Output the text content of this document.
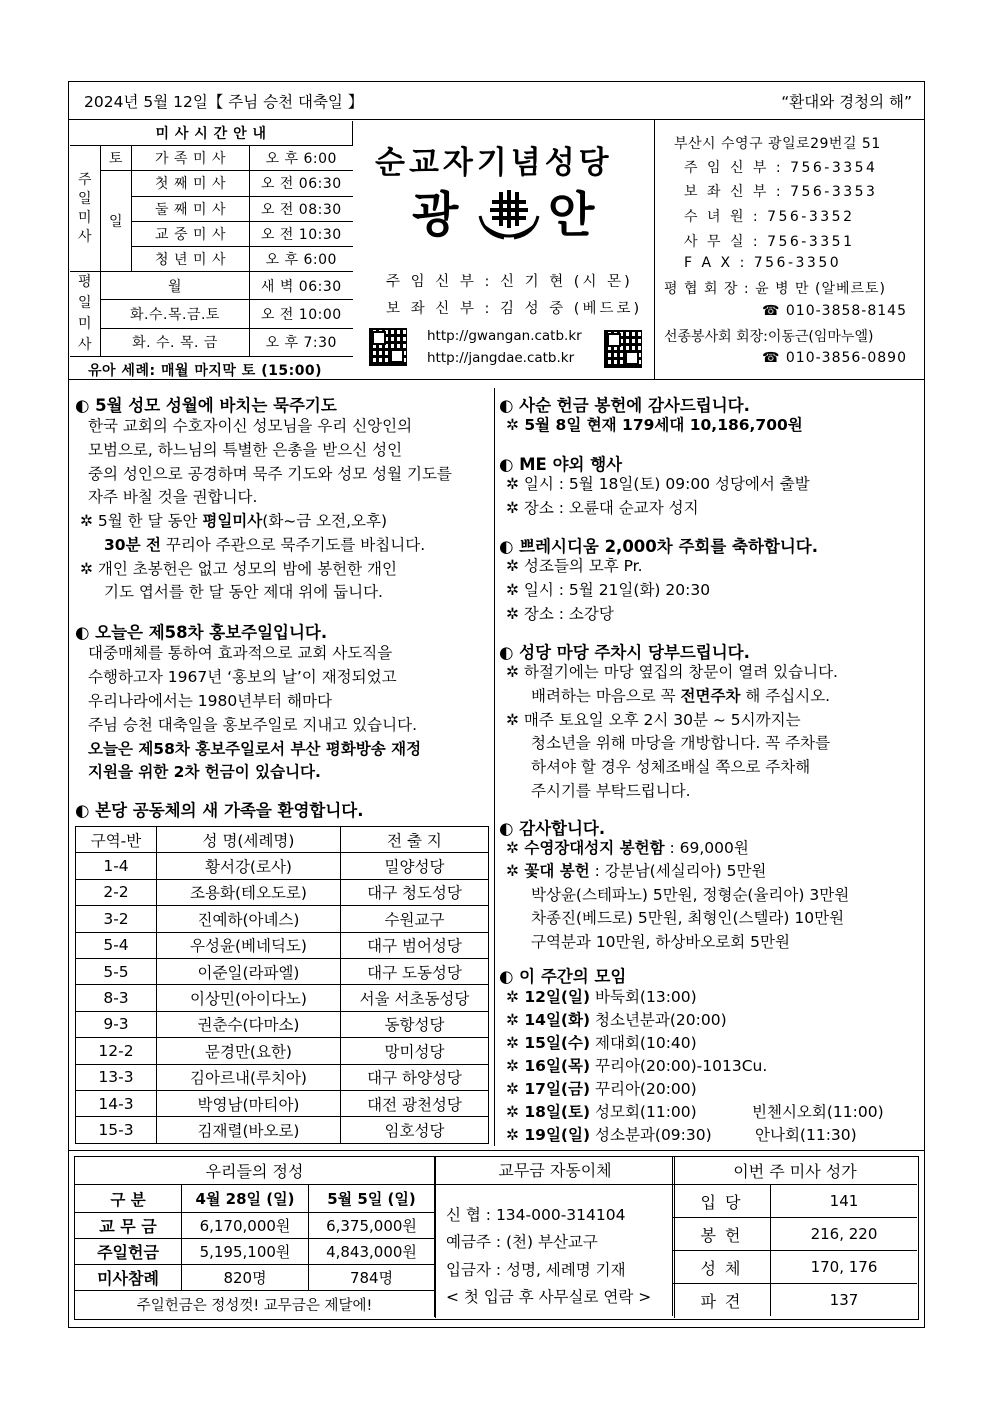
2024년 5월 12일【 주님 승천 대축일 】	“환대와 경청의 해”
미 사 시 간 안 내			
주
일
미
사	토	가 족 미 사	오 후 6:00
	일	첫 째 미 사	오 전 06:30
		둘 째 미 사	오 전 08:30
		교 중 미 사	오 전 10:30
		청 년 미 사	오 후 6:00
평 일
미 사	월		새 벽 06:30
	화.수.목.금.토		오 전 10:00
	화. 수. 목. 금		오 후 7:30
유아 세례: 매월 마지막 토 (15:00)			
순교자기념성당
광 안
주 임 신 부 : 신 기 현 (시 몬)
보 좌 신 부 : 김 성 중 (베드로)
http://gwangan.catb.kr
http://jangdae.catb.kr
부산시 수영구 광일로29번길 51
주 임 신 부 : 756-3354
보 좌 신 부 : 756-3353
수 녀 원 : 756-3352
사 무 실 : 756-3351
F A X : 756-3350
평 협 회 장 : 윤 병 만 (알베르토)
☎ 010-3858-8145
선종봉사회 회장:이동근(임마누엘)
☎ 010-3856-0890
◐ 5월 성모 성월에 바치는 묵주기도
한국 교회의 수호자이신 성모님을 우리 신앙인의
모범으로, 하느님의 특별한 은총을 받으신 성인
중의 성인으로 공경하며 묵주 기도와 성모 성월 기도를
자주 바칠 것을 권합니다.
✲ 5월 한 달 동안 평일미사(화~금 오전,오후)
30분 전 꾸리아 주관으로 묵주기도를 바칩니다.
✲ 개인 초봉헌은 없고 성모의 밤에 봉헌한 개인
기도 엽서를 한 달 동안 제대 위에 둡니다.
◐ 오늘은 제58차 홍보주일입니다.
대중매체를 통하여 효과적으로 교회 사도직을
수행하고자 1967년 ‘홍보의 날’이 재정되었고
우리나라에서는 1980년부터 해마다
주님 승천 대축일을 홍보주일로 지내고 있습니다.
오늘은 제58차 홍보주일로서 부산 평화방송 재정
지원을 위한 2차 헌금이 있습니다.
◐ 본당 공동체의 새 가족을 환영합니다.
구역-반	성 명(세례명)	전 출 지
1-4	황서강(로사)	밀양성당
2-2	조용화(테오도로)	대구 청도성당
3-2	진예하(아녜스)	수원교구
5-4	우성윤(베네딕도)	대구 범어성당
5-5	이준일(라파엘)	대구 도동성당
8-3	이상민(아이다노)	서울 서초동성당
9-3	권춘수(다마소)	동항성당
12-2	문경만(요한)	망미성당
13-3	김아르내(루치아)	대구 하양성당
14-3	박영남(마티아)	대전 광천성당
15-3	김재렬(바오로)	임호성당
◐ 사순 헌금 봉헌에 감사드립니다.
✲ 5월 8일 현재 179세대 10,186,700원
◐ ME 야외 행사
✲ 일시 : 5월 18일(토) 09:00 성당에서 출발
✲ 장소 : 오륜대 순교자 성지
◐ 쁘레시디움 2,000차 주회를 축하합니다.
✲ 성조들의 모후 Pr.
✲ 일시 : 5월 21일(화) 20:30
✲ 장소 : 소강당
◐ 성당 마당 주차시 당부드립니다.
✲ 하절기에는 마당 옆집의 창문이 열려 있습니다.
배려하는 마음으로 꼭 전면주차 해 주십시오.
✲ 매주 토요일 오후 2시 30분 ~ 5시까지는
청소년을 위해 마당을 개방합니다. 꼭 주차를
하셔야 할 경우 성체조배실 쪽으로 주차해
주시기를 부탁드립니다.
◐ 감사합니다.
✲ 수영장대성지 봉헌함 : 69,000원
✲ 꽃대 봉헌 : 강분남(세실리아) 5만원
박상윤(스테파노) 5만원, 정형순(율리아) 3만원
차종진(베드로) 5만원, 최형인(스텔라) 10만원
구역분과 10만원, 하상바오로회 5만원
◐ 이 주간의 모임
✲ 12일(일) 바둑회(13:00)
✲ 14일(화) 청소년분과(20:00)
✲ 15일(수) 제대회(10:40)
✲ 16일(목) 꾸리아(20:00)-1013Cu.
✲ 17일(금) 꾸리아(20:00)
✲ 18일(토) 성모회(11:00)	빈첸시오회(11:00)
✲ 19일(일) 성소분과(09:30)	안나회(11:30)
우리들의 정성		
구 분	4월 28일 (일)	5월 5일 (일)
교 무 금	6,170,000원	6,375,000원
주일헌금	5,195,100원	4,843,000원
미사참례	820명	784명
주일헌금은 정성껏! 교무금은 제달에!		
교무금 자동이체
신 협 : 134-000-314104
예금주 : (천) 부산교구
입금자 : 성명, 세례명 기재
< 첫 입금 후 사무실로 연락 >
이번 주 미사 성가	
입 당	141
봉 헌	216, 220
성 체	170, 176
파 견	137
